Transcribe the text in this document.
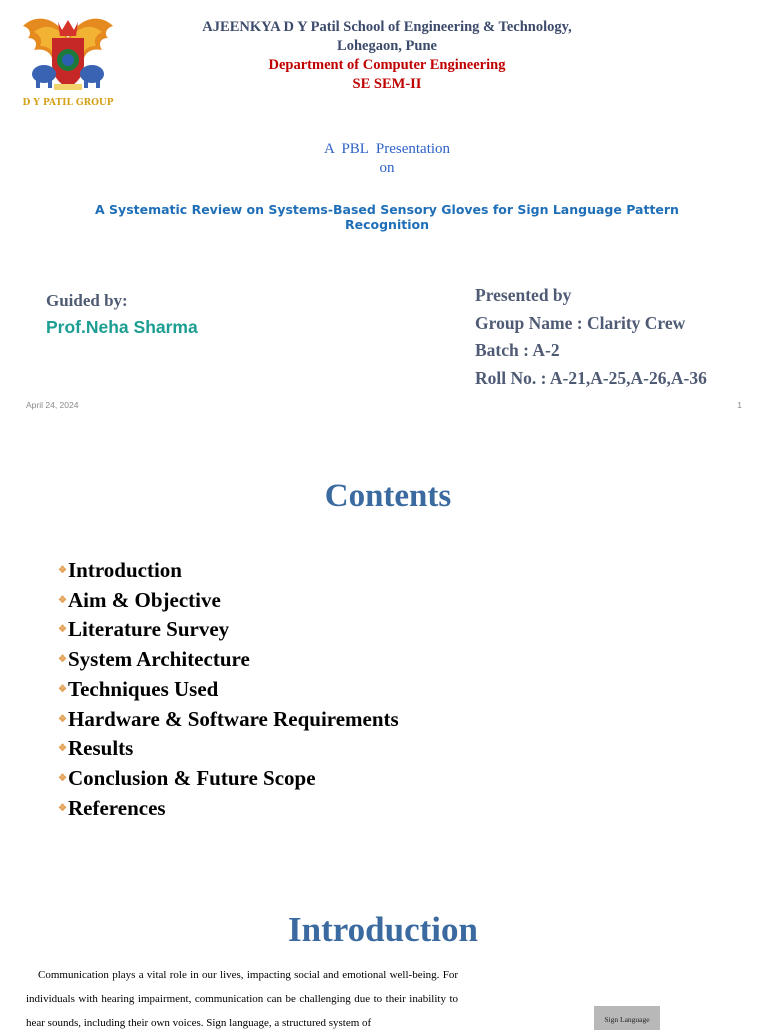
D Y PATIL GROUP
AJEENKYA D Y Patil School of Engineering & Technology,
Lohegaon, Pune
Department of Computer Engineering
SE SEM-II
A  PBL  Presentation
on
A Systematic Review on Systems-Based Sensory Gloves for Sign Language Pattern
Recognition
Guided by:
Prof.Neha Sharma
Presented by
Group Name : Clarity Crew
Batch : A-2
Roll No. : A-21,A-25,A-26,A-36
April 24, 2024	1
Contents
❖Introduction
❖Aim & Objective
❖Literature Survey
❖System Architecture
❖Techniques Used
❖Hardware & Software Requirements
❖Results
❖Conclusion & Future Scope
❖References
Introduction

Communication plays a vital role in our lives, impacting social and emotional well-being. For individuals with hearing impairment, communication can be challenging due to their inability to hear sounds, including their own voices. Sign language, a structured system of	Sign Language
